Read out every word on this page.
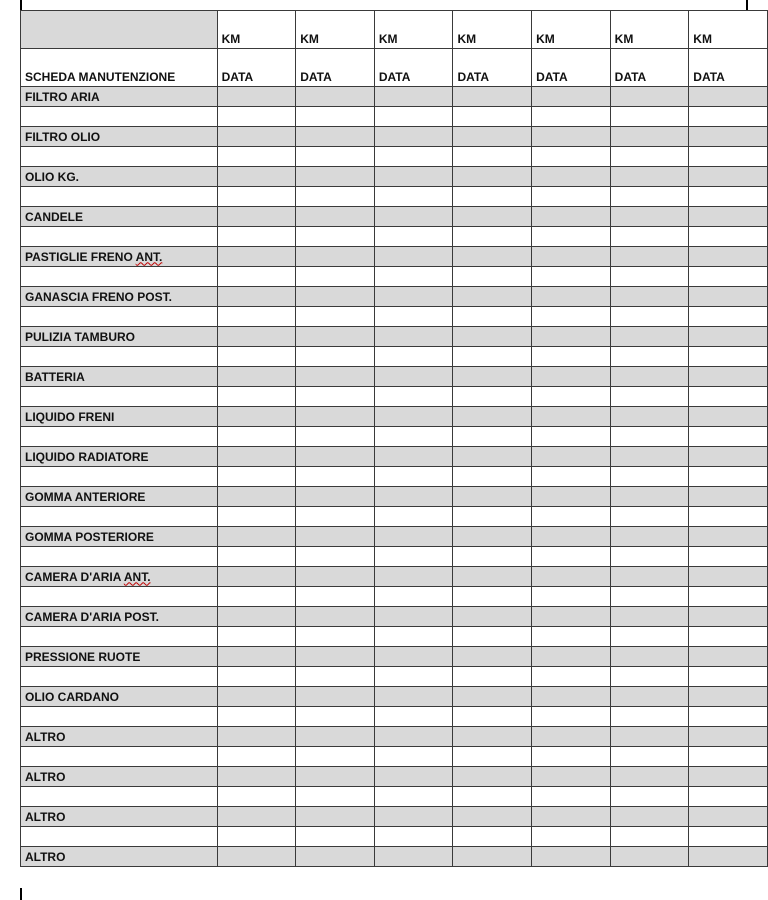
	KM	KM	KM	KM	KM	KM	KM
SCHEDA MANUTENZIONE	DATA	DATA	DATA	DATA	DATA	DATA	DATA
FILTRO ARIA							

FILTRO OLIO							

OLIO KG.							

CANDELE							

PASTIGLIE FRENO ANT.							

GANASCIA FRENO POST.							

PULIZIA TAMBURO							

BATTERIA							

LIQUIDO FRENI							

LIQUIDO RADIATORE							

GOMMA ANTERIORE							

GOMMA POSTERIORE							

CAMERA D'ARIA ANT.							

CAMERA D'ARIA POST.							

PRESSIONE RUOTE							

OLIO CARDANO							

ALTRO							

ALTRO							

ALTRO							

ALTRO							
